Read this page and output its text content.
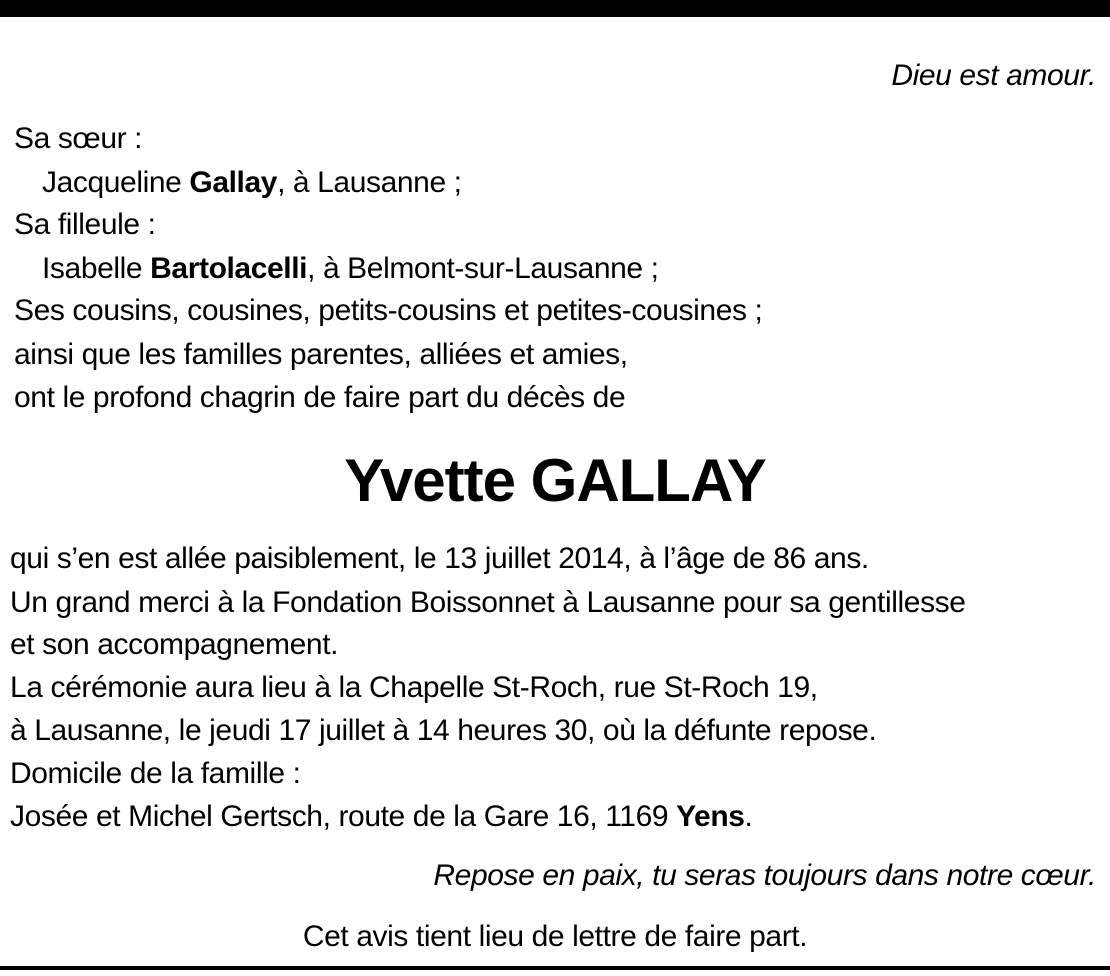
Dieu est amour.
Sa sœur :
Jacqueline Gallay, à Lausanne ;
Sa filleule :
Isabelle Bartolacelli, à Belmont-sur-Lausanne ;
Ses cousins, cousines, petits-cousins et petites-cousines ;
ainsi que les familles parentes, alliées et amies,
ont le profond chagrin de faire part du décès de
Yvette GALLAY
qui s’en est allée paisiblement, le 13 juillet 2014, à l’âge de 86 ans.
Un grand merci à la Fondation Boissonnet à Lausanne pour sa gentillesse
et son accompagnement.
La cérémonie aura lieu à la Chapelle St-Roch, rue St-Roch 19,
à Lausanne, le jeudi 17 juillet à 14 heures 30, où la défunte repose.
Domicile de la famille :
Josée et Michel Gertsch, route de la Gare 16, 1169 Yens.
Repose en paix, tu seras toujours dans notre cœur.
Cet avis tient lieu de lettre de faire part.
